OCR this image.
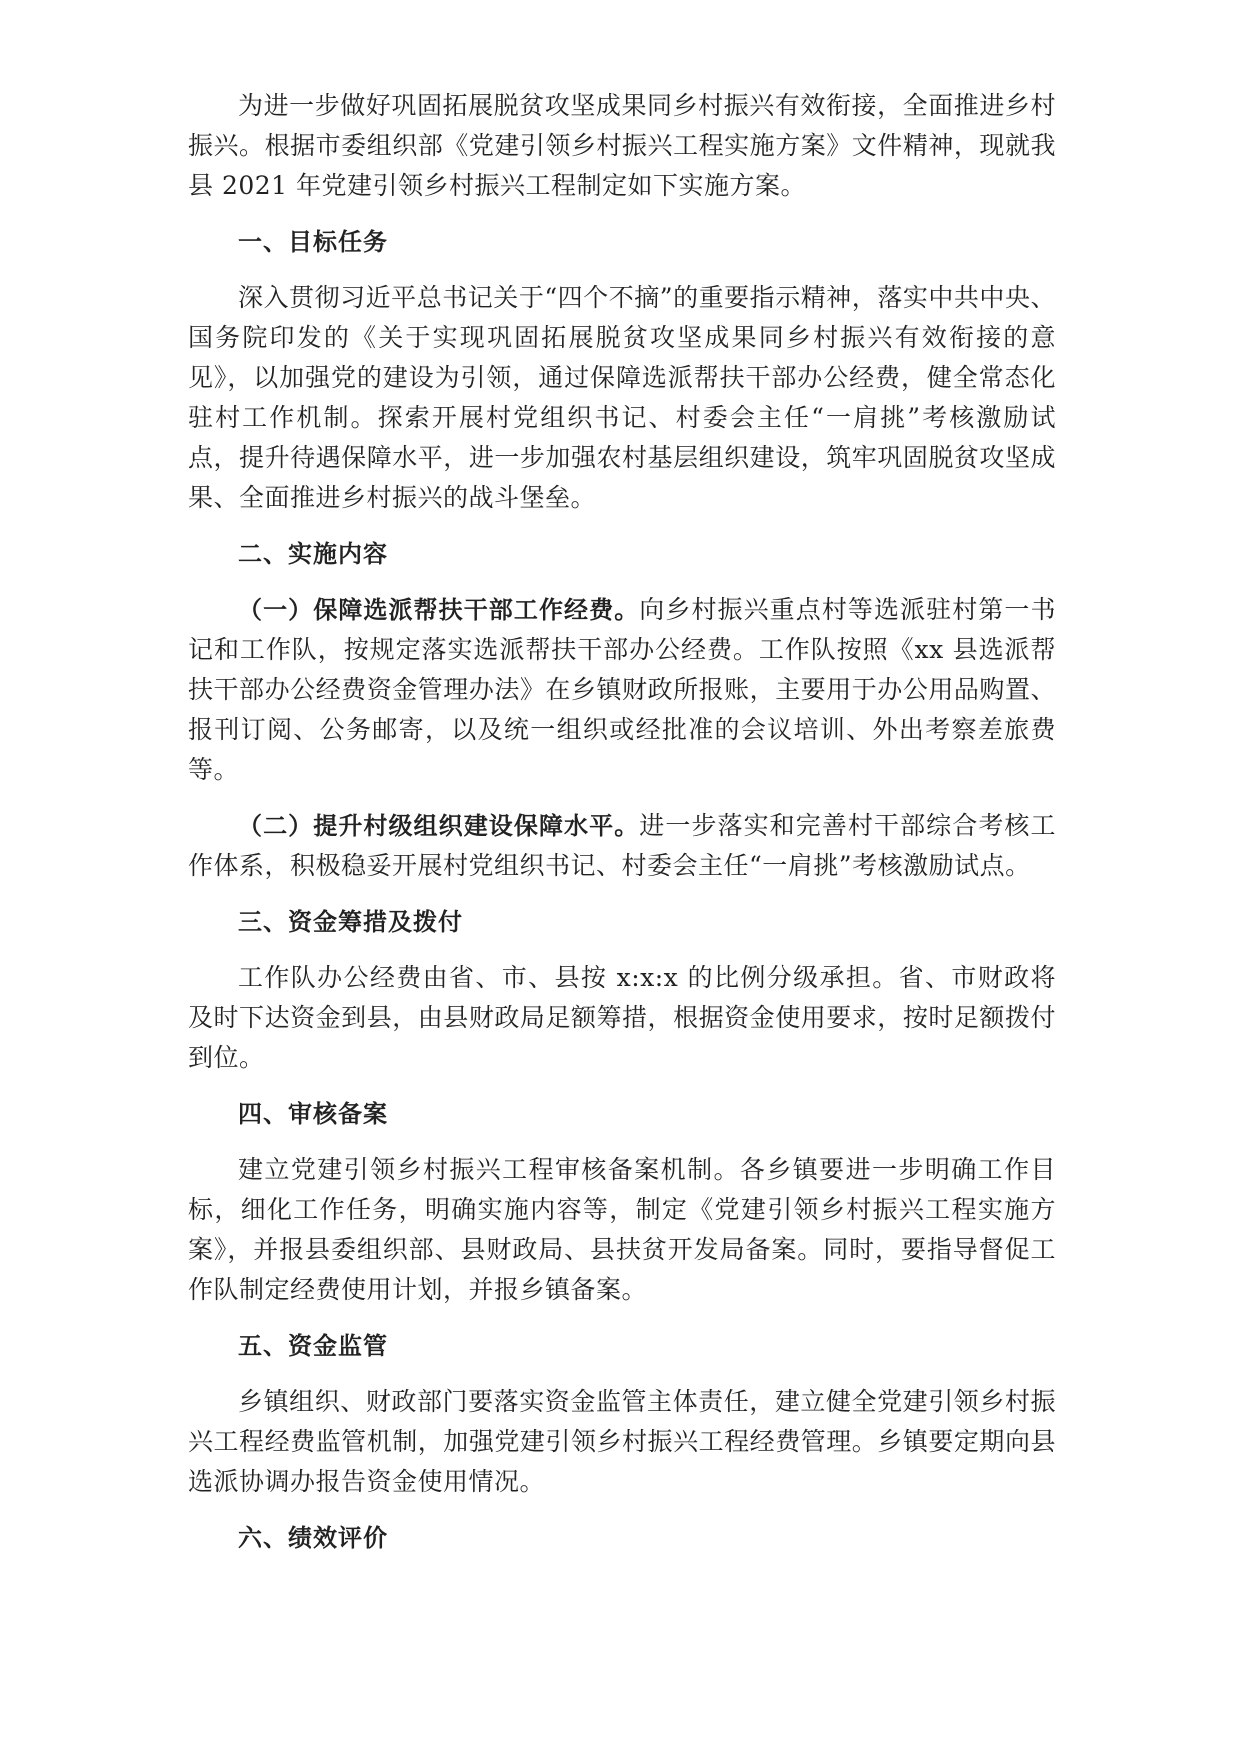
为进一步做好巩固拓展脱贫攻坚成果同乡村振兴有效衔接，全面推进乡村振兴。根据市委组织部《党建引领乡村振兴工程实施方案》文件精神，现就我县 2021 年党建引领乡村振兴工程制定如下实施方案。

一、目标任务

深入贯彻习近平总书记关于“四个不摘”的重要指示精神，落实中共中央、国务院印发的《关于实现巩固拓展脱贫攻坚成果同乡村振兴有效衔接的意见》，以加强党的建设为引领，通过保障选派帮扶干部办公经费，健全常态化驻村工作机制。探索开展村党组织书记、村委会主任“一肩挑”考核激励试点，提升待遇保障水平，进一步加强农村基层组织建设，筑牢巩固脱贫攻坚成果、全面推进乡村振兴的战斗堡垒。

二、实施内容

（一）保障选派帮扶干部工作经费。向乡村振兴重点村等选派驻村第一书记和工作队，按规定落实选派帮扶干部办公经费。工作队按照《xx 县选派帮扶干部办公经费资金管理办法》在乡镇财政所报账，主要用于办公用品购置、报刊订阅、公务邮寄，以及统一组织或经批准的会议培训、外出考察差旅费等。

（二）提升村级组织建设保障水平。进一步落实和完善村干部综合考核工作体系，积极稳妥开展村党组织书记、村委会主任“一肩挑”考核激励试点。

三、资金筹措及拨付

工作队办公经费由省、市、县按 x:x:x 的比例分级承担。省、市财政将及时下达资金到县，由县财政局足额筹措，根据资金使用要求，按时足额拨付到位。

四、审核备案

建立党建引领乡村振兴工程审核备案机制。各乡镇要进一步明确工作目标，细化工作任务，明确实施内容等，制定《党建引领乡村振兴工程实施方案》，并报县委组织部、县财政局、县扶贫开发局备案。同时，要指导督促工作队制定经费使用计划，并报乡镇备案。

五、资金监管

乡镇组织、财政部门要落实资金监管主体责任，建立健全党建引领乡村振兴工程经费监管机制，加强党建引领乡村振兴工程经费管理。乡镇要定期向县选派协调办报告资金使用情况。

六、绩效评价
